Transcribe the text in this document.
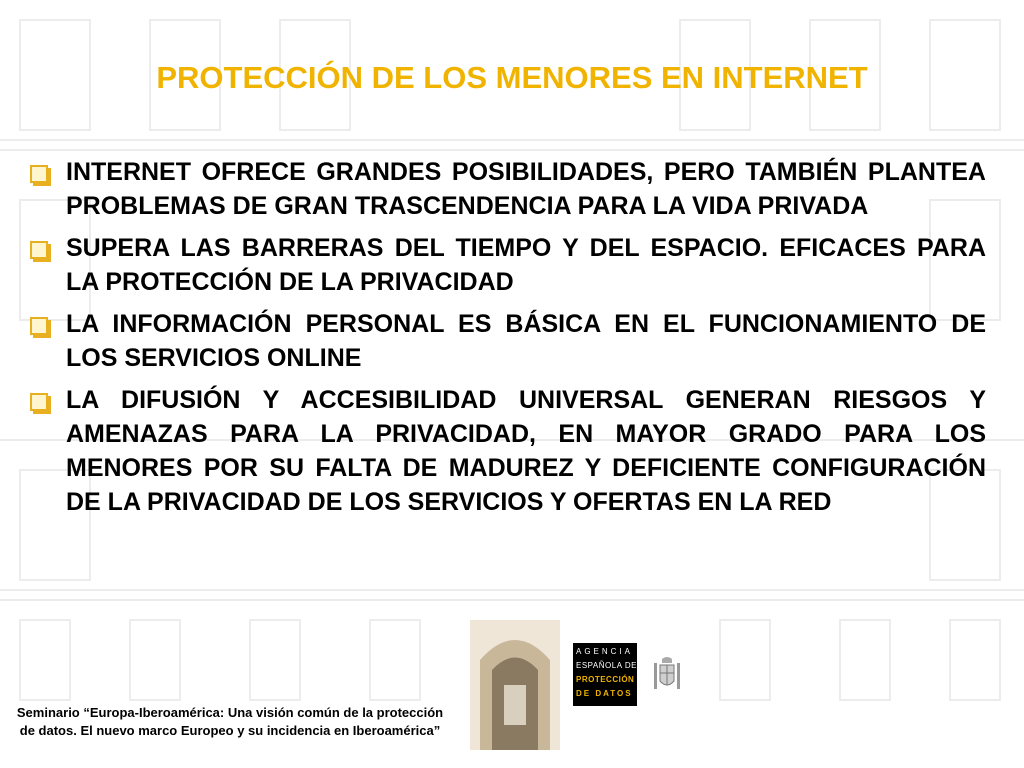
PROTECCIÓN DE LOS MENORES EN INTERNET
INTERNET OFRECE GRANDES POSIBILIDADES, PERO TAMBIÉN PLANTEA PROBLEMAS DE GRAN TRASCENDENCIA PARA LA VIDA PRIVADA
SUPERA LAS BARRERAS DEL TIEMPO Y DEL ESPACIO. EFICACES PARA LA PROTECCIÓN DE LA PRIVACIDAD
LA INFORMACIÓN PERSONAL ES BÁSICA EN EL FUNCIONAMIENTO DE LOS SERVICIOS ONLINE
LA DIFUSIÓN Y ACCESIBILIDAD UNIVERSAL GENERAN RIESGOS Y AMENAZAS PARA LA PRIVACIDAD, EN MAYOR GRADO PARA LOS MENORES POR SU FALTA DE MADUREZ Y DEFICIENTE CONFIGURACIÓN DE LA PRIVACIDAD DE LOS SERVICIOS Y OFERTAS EN LA RED
Seminario “Europa-Iberoamérica: Una visión común de la protección de datos. El nuevo marco Europeo y su incidencia en Iberoamérica”
AGENCIA
ESPAÑOLA DE
PROTECCIÓN
DE DATOS
